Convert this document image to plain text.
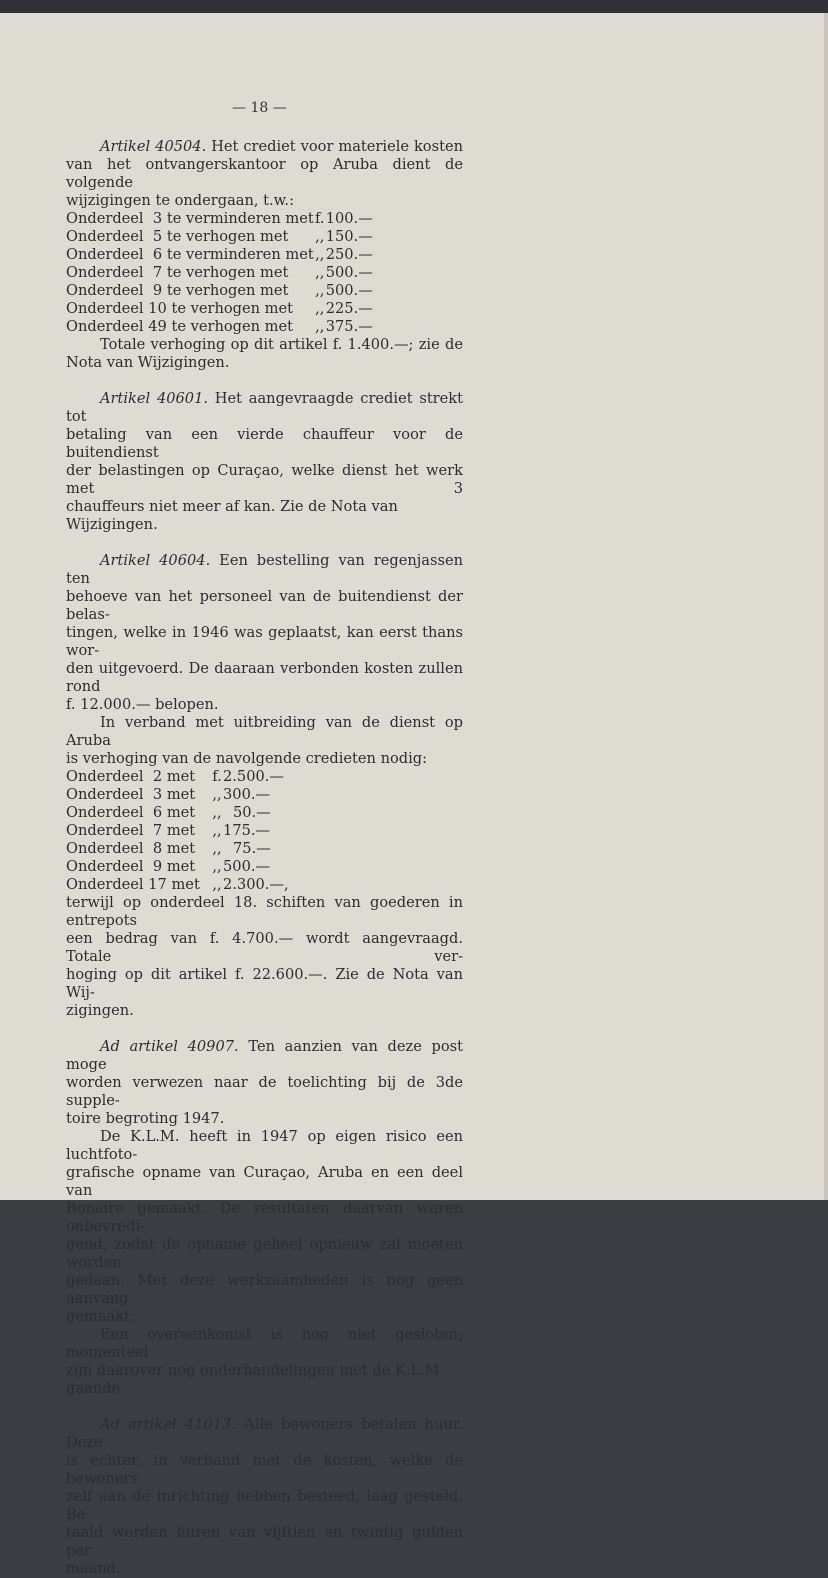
— 18 —

Artikel 40504. Het crediet voor materiele kosten

van het ontvangerskantoor op Aruba dient de volgende

wijzigingen te ondergaan, t.w.:

Onderdeel 3 te verminderen met	f.	100.—
Onderdeel 5 te verhogen met	,,	150.—
Onderdeel 6 te verminderen met	,,	250.—
Onderdeel 7 te verhogen met	,,	500.—
Onderdeel 9 te verhogen met	,,	500.—
Onderdeel 10 te verhogen met	,,	225.—
Onderdeel 49 te verhogen met	,,	375.—

Totale verhoging op dit artikel f. 1.400.—; zie de

Nota van Wijzigingen.

Artikel 40601. Het aangevraagde crediet strekt tot

betaling van een vierde chauffeur voor de buitendienst

der belastingen op Curaçao, welke dienst het werk met 3

chauffeurs niet meer af kan. Zie de Nota van Wijzigingen.

Artikel 40604. Een bestelling van regenjassen ten

behoeve van het personeel van de buitendienst der belas-

tingen, welke in 1946 was geplaatst, kan eerst thans wor-

den uitgevoerd. De daaraan verbonden kosten zullen rond

f. 12.000.— belopen.

In verband met uitbreiding van de dienst op Aruba

is verhoging van de navolgende credieten nodig:

Onderdeel 2 met	f.	2.500.—
Onderdeel 3 met	,,	300.—
Onderdeel 6 met	,,	50.—
Onderdeel 7 met	,,	175.—
Onderdeel 8 met	,,	75.—
Onderdeel 9 met	,,	500.—
Onderdeel 17 met	,,	2.300.—,

terwijl op onderdeel 18. schiften van goederen in entrepots

een bedrag van f. 4.700.— wordt aangevraagd. Totale ver-

hoging op dit artikel f. 22.600.—. Zie de Nota van Wij-

zigingen.

Ad artikel 40907. Ten aanzien van deze post moge

worden verwezen naar de toelichting bij de 3de supple-

toire begroting 1947.

De K.L.M. heeft in 1947 op eigen risico een luchtfoto-

grafische opname van Curaçao, Aruba en een deel van

Bonaire gemaakt. De resultaten daarvan waren onbevredi-

gend, zodat de opname geheel opnieuw zal moeten worden

gedaan. Met deze werkzaamheden is nog geen aanvang

gemaakt.

Een overeenkomst is nog niet gesloten; momenteel

zijn daarover nog onderhandelingen met de K.L.M. gaande.

Ad artikel 41013. Alle bewoners betalen huur. Deze

is echter, in verband met de kosten, welke de bewoners

zelf aan de inrichting hebben besteed, laag gesteld. Be-

taald worden huren van vijftien en twintig gulden per

maand.
